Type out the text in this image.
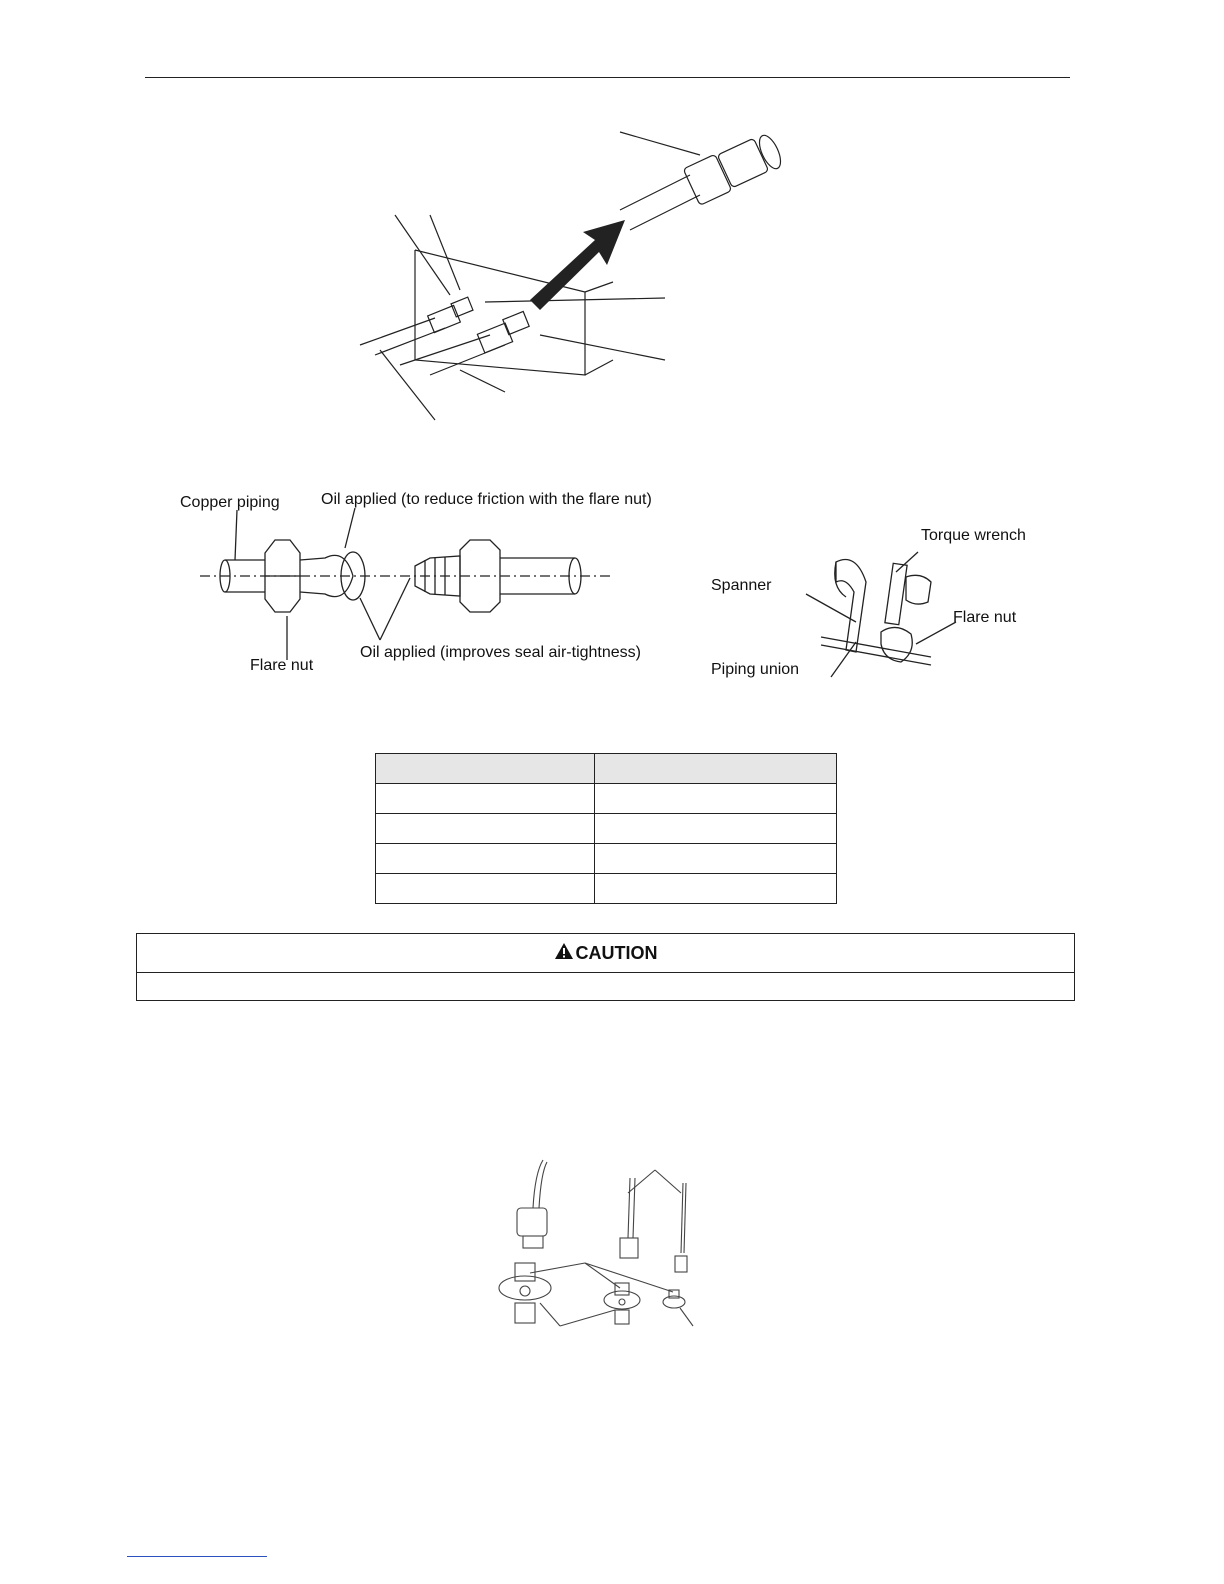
Copper piping	Oil applied (to reduce friction with the flare nut)
Flare nut
Oil applied (improves seal air-tightness)
Torque wrench
Spanner
Flare nut
Piping union

CAUTION
